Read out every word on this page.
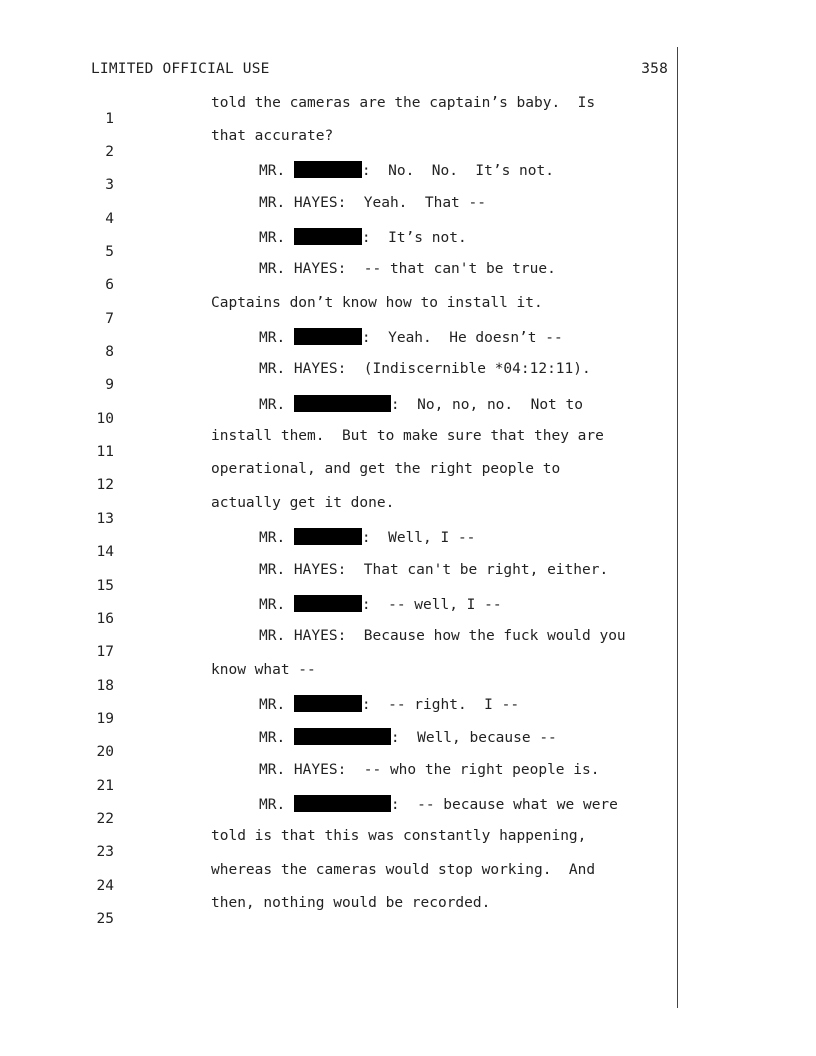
LIMITED OFFICIAL USE	358

1

told the cameras are the captain’s baby.  Is

2

that accurate?

3

MR.	:  No.  No.  It’s not.

4

MR. HAYES:  Yeah.  That --

5

MR.	:  It’s not.

6

MR. HAYES:  -- that can't be true.

7

Captains don’t know how to install it.

8

MR.	:  Yeah.  He doesn’t --

9

MR. HAYES:  (Indiscernible *04:12:11).

10

MR.	:  No, no, no.  Not to

11

install them.  But to make sure that they are

12

operational, and get the right people to

13

actually get it done.

14

MR.	:  Well, I --

15

MR. HAYES:  That can't be right, either.

16

MR.	:  -- well, I --

17

MR. HAYES:  Because how the fuck would you

18

know what --

19

MR.	:  -- right.  I --

20

MR.	:  Well, because --

21

MR. HAYES:  -- who the right people is.

22

MR.	:  -- because what we were

23

told is that this was constantly happening,

24

whereas the cameras would stop working.  And

25

then, nothing would be recorded.
